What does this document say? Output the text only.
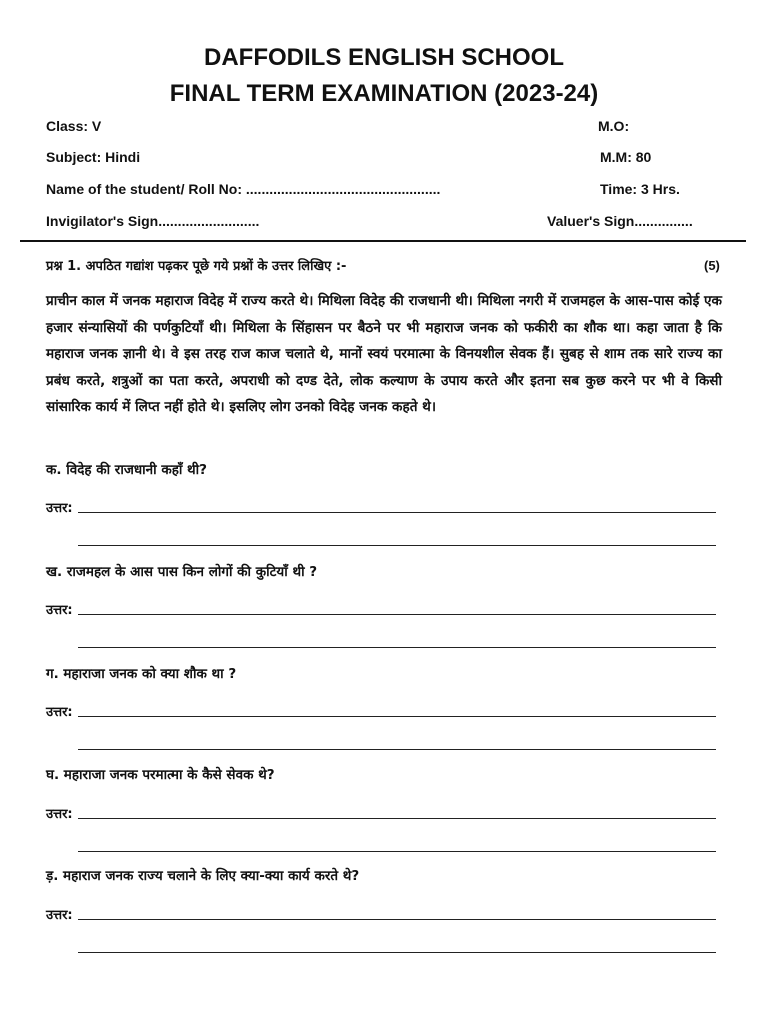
DAFFODILS ENGLISH SCHOOL
FINAL TERM EXAMINATION (2023-24)
Class: V	M.O:
Subject: Hindi	M.M: 80
Name of the student/ Roll No: ..................................................	Time: 3 Hrs.
Invigilator's Sign..........................	Valuer's Sign...............
प्रश्न 1. अपठित गद्यांश पढ़कर पूछे गये प्रश्नों के उत्तर लिखिए :-	(5)

प्राचीन काल में जनक महाराज विदेह में राज्य करते थे। मिथिला विदेह की राजधानी थी। मिथिला नगरी में राजमहल के आस-पास कोई एक हजार संन्यासियों की पर्णकुटियाँ थी। मिथिला के सिंहासन पर बैठने पर भी महाराज जनक को फकीरी का शौक था। कहा जाता है कि महाराज जनक ज्ञानी थे। वे इस तरह राज काज चलाते थे, मानों स्वयं परमात्मा के विनयशील सेवक हैं। सुबह से शाम तक सारे राज्य का प्रबंध करते, शत्रुओं का पता करते, अपराधी को दण्ड देते, लोक कल्याण के उपाय करते और इतना सब कुछ करने पर भी वे किसी सांसारिक कार्य में लिप्त नहीं होते थे। इसलिए लोग उनको विदेह जनक कहते थे।

क. विदेह की राजधानी कहाँ थी?
उत्तर:
ख. राजमहल के आस पास किन लोगों की कुटियाँ थी ?
उत्तर:
ग. महाराजा जनक को क्या शौक था ?
उत्तर:
घ. महाराजा जनक परमात्मा के कैसे सेवक थे?
उत्तर:
ड़. महाराज जनक राज्य चलाने के लिए क्या-क्या कार्य करते थे?
उत्तर:
